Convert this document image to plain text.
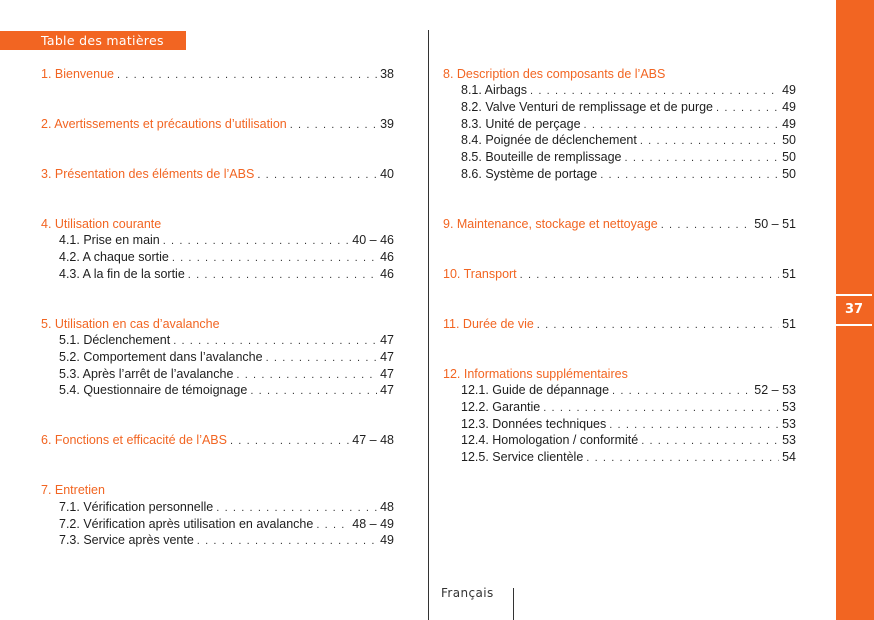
Table des matières
37
Français
1. Bienvenue . . .	38
2. Avertissements et précautions d’utilisation . . .	39
3. Présentation des éléments de l’ABS . . .	40
4. Utilisation courante
4.1. Prise en main . . .	40 – 46
4.2. A chaque sortie . . .	46
4.3. A la fin de la sortie . . .	46
5. Utilisation en cas d’avalanche
5.1. Déclenchement . . .	47
5.2. Comportement dans l’avalanche . . .	47
5.3. Après l’arrêt de l’avalanche . . .	47
5.4. Questionnaire de témoignage . . .	47
6. Fonctions et efficacité de l’ABS . . .	47 – 48
7. Entretien
7.1. Vérification personnelle . . .	48
7.2. Vérification après utilisation en avalanche . . .	48 – 49
7.3. Service après vente . . .	49
8. Description des composants de l’ABS
8.1. Airbags . . .	49
8.2. Valve Venturi de remplissage et de purge . . .	49
8.3. Unité de perçage . . .	49
8.4. Poignée de déclenchement . . .	50
8.5. Bouteille de remplissage . . .	50
8.6. Système de portage . . .	50
9. Maintenance, stockage et nettoyage . . .	50 – 51
10. Transport . . .	51
11. Durée de vie . . .	51
12. Informations supplémentaires
12.1. Guide de dépannage . . .	52 – 53
12.2. Garantie . . .	53
12.3. Données techniques . . .	53
12.4. Homologation / conformité . . .	53
12.5. Service clientèle . . .	54
